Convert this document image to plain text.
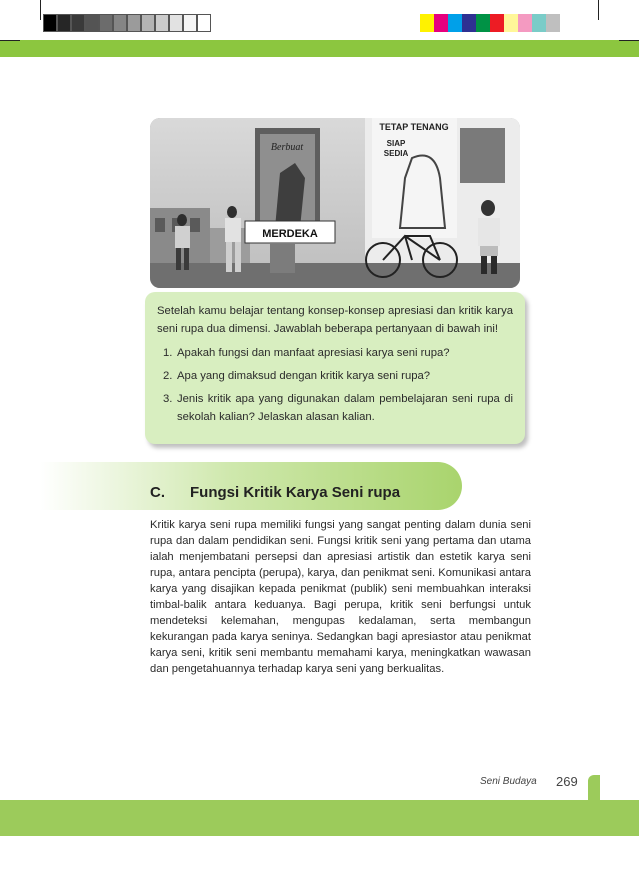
Berbuat
MERDEKA
TETAP TENANG
SIAP
SEDIA

Setelah kamu belajar tentang konsep-konsep apresiasi dan kritik karya seni rupa dua dimensi. Jawablah beberapa pertanyaan di bawah ini!

1. Apakah fungsi dan manfaat apresiasi karya seni rupa?
2. Apa yang dimaksud dengan kritik karya seni rupa?
3. Jenis kritik apa yang digunakan dalam pembelajaran seni rupa di sekolah kalian? Jelaskan alasan kalian.
C.	Fungsi Kritik Karya Seni rupa

Kritik karya seni rupa memiliki fungsi yang sangat penting dalam dunia seni rupa dan dalam pendidikan seni. Fungsi kritik seni yang pertama dan utama ialah menjembatani persepsi dan apresiasi artistik dan estetik karya seni rupa, antara pencipta (perupa), karya, dan penikmat seni. Komunikasi antara karya yang disajikan kepada penikmat (publik) seni membuahkan interaksi timbal-balik antara keduanya. Bagi perupa, kritik seni berfungsi untuk mendeteksi kelemahan, mengupas kedalaman, serta membangun kekurangan pada karya seninya. Sedangkan bagi apresiastor atau penikmat karya seni, kritik seni membantu memahami karya, meningkatkan wawasan dan pengetahuannya terhadap karya seni yang berkualitas.

Seni Budaya 269
